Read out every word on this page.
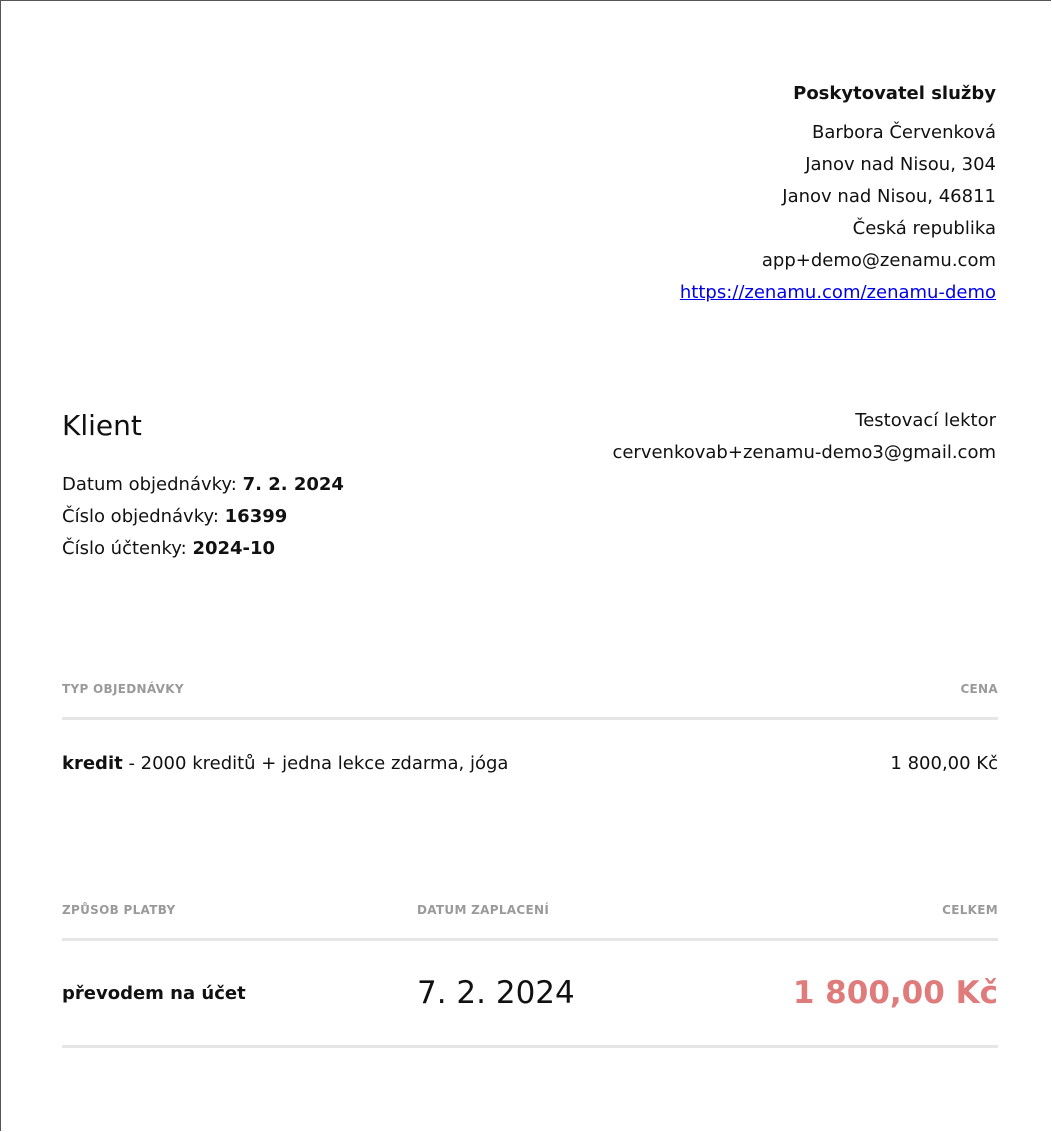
Poskytovatel služby
Barbora Červenková
Janov nad Nisou, 304
Janov nad Nisou, 46811
Česká republika
app+demo@zenamu.com
https://zenamu.com/zenamu-demo
Klient
Datum objednávky: 7. 2. 2024
Číslo objednávky: 16399
Číslo účtenky: 2024-10
Testovací lektor
cervenkovab+zenamu-demo3@gmail.com
TYP OBJEDNÁVKY	CENA
kredit - 2000 kreditů + jedna lekce zdarma, jóga	1 800,00 Kč
ZPŮSOB PLATBY	DATUM ZAPLACENÍ	CELKEM
převodem na účet	7. 2. 2024	1 800,00 Kč
